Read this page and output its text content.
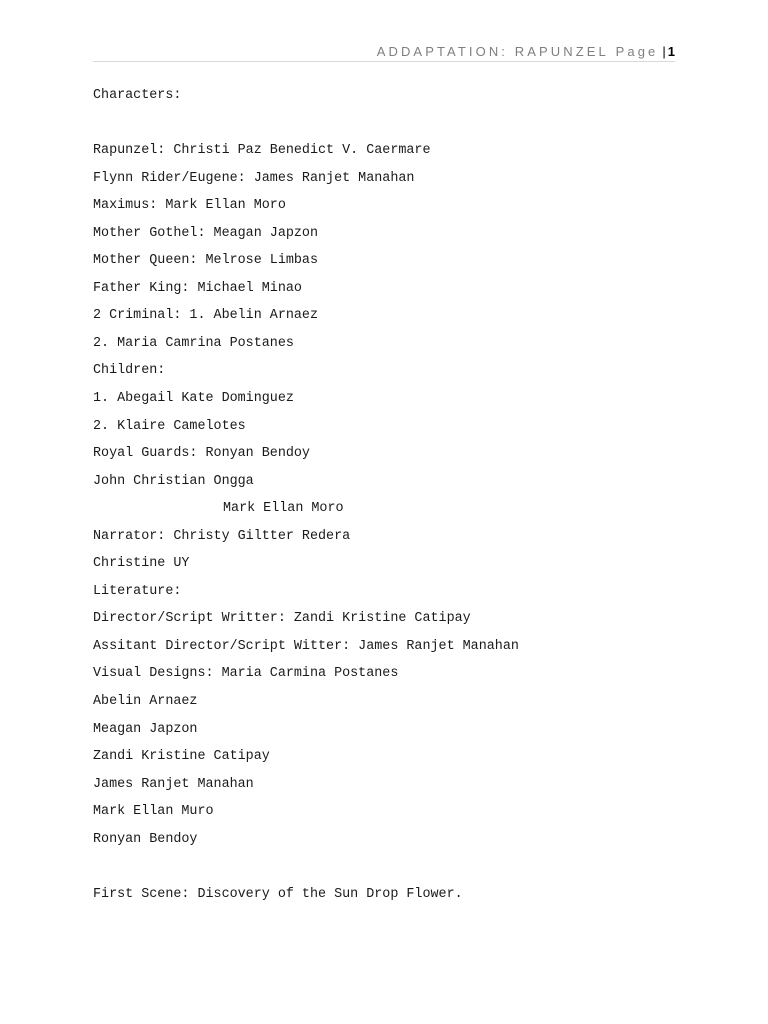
ADDAPTATION: RAPUNZEL
Page | 1
Characters:
Rapunzel: Christi Paz Benedict V. Caermare
Flynn Rider/Eugene: James Ranjet Manahan
Maximus: Mark Ellan Moro
Mother Gothel: Meagan Japzon
Mother Queen: Melrose Limbas
Father King: Michael Minao
2 Criminal: 1. Abelin Arnaez
2. Maria Camrina Postanes
Children:
1. Abegail Kate Dominguez
2. Klaire Camelotes
Royal Guards: Ronyan Bendoy
John Christian Ongga
Mark Ellan Moro
Narrator: Christy Giltter Redera
Christine UY
Literature:
Director/Script Writter: Zandi Kristine Catipay
Assitant Director/Script Witter: James Ranjet Manahan
Visual Designs: Maria Carmina Postanes
Abelin Arnaez
Meagan Japzon
Zandi Kristine Catipay
James Ranjet Manahan
Mark Ellan Muro
Ronyan Bendoy
First Scene: Discovery of the Sun Drop Flower.
